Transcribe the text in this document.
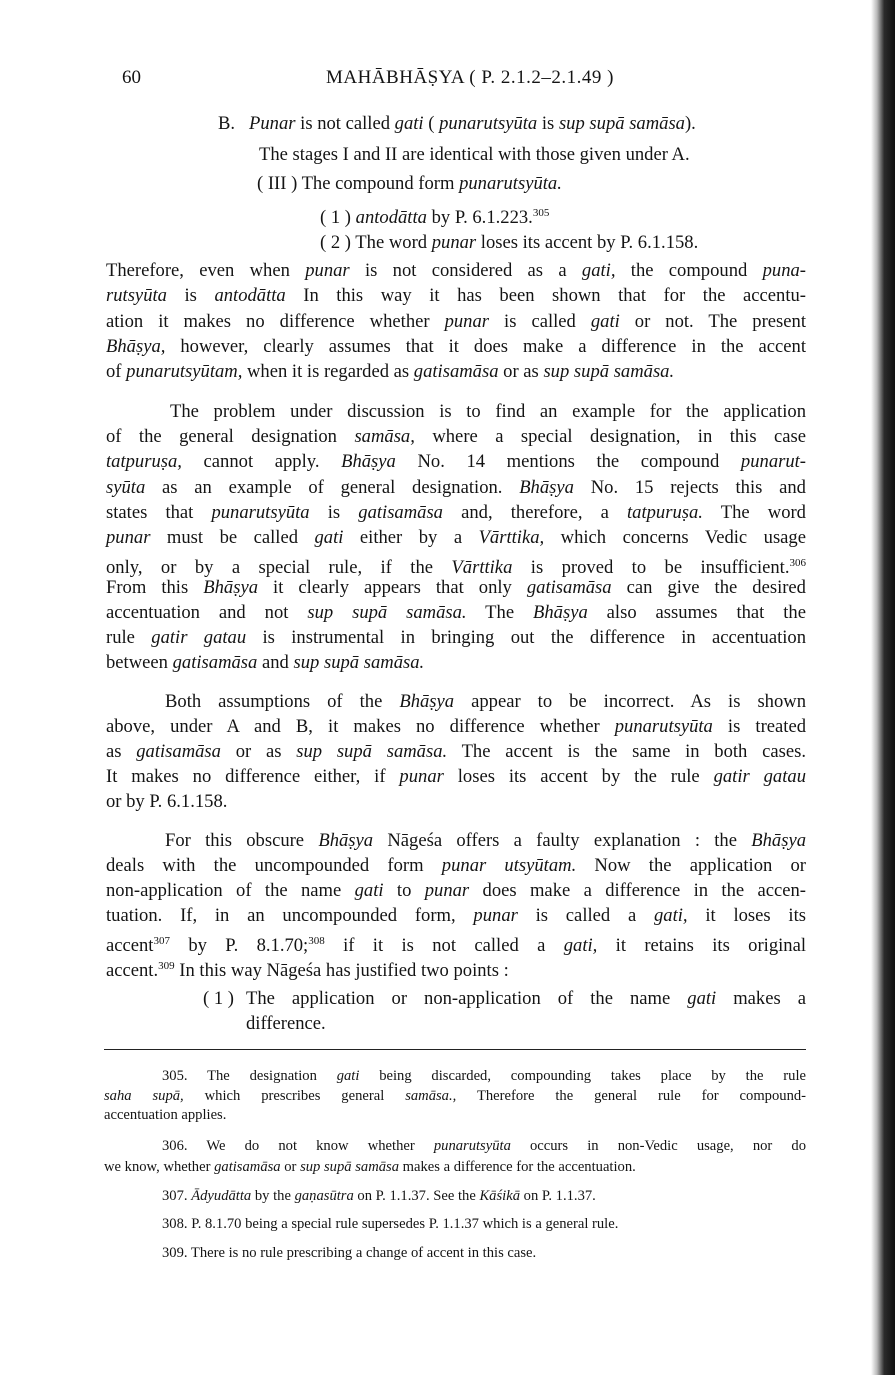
60	MAHĀBHĀṢYA ( P. 2.1.2–2.1.49 )
B. Punar is not called gati ( punarutsyūta is sup supā samāsa).
The stages I and II are identical with those given under A.
( III ) The compound form punarutsyūta.
( 1 ) antodātta by P. 6.1.223.$^{305}$
( 2 ) The word punar loses its accent by P. 6.1.158.
Therefore, even when punar is not considered as a gati, the compound puna-
rutsyūta is antodātta In this way it has been shown that for the accentu-
ation it makes no difference whether punar is called gati or not. The present
Bhāṣya, however, clearly assumes that it does make a difference in the accent
of punarutsyūtam, when it is regarded as gatisamāsa or as sup supā samāsa.
The problem under discussion is to find an example for the application
of the general designation samāsa, where a special designation, in this case
tatpuruṣa, cannot apply. Bhāṣya No. 14 mentions the compound punarut-
syūta as an example of general designation. Bhāṣya No. 15 rejects this and
states that punarutsyūta is gatisamāsa and, therefore, a tatpuruṣa. The word
punar must be called gati either by a Vārttika, which concerns Vedic usage
only, or by a special rule, if the Vārttika is proved to be insufficient.$^{306}$
From this Bhāṣya it clearly appears that only gatisamāsa can give the desired
accentuation and not sup supā samāsa. The Bhāṣya also assumes that the
rule gatir gatau is instrumental in bringing out the difference in accentuation
between gatisamāsa and sup supā samāsa.
Both assumptions of the Bhāṣya appear to be incorrect. As is shown
above, under A and B, it makes no difference whether punarutsyūta is treated
as gatisamāsa or as sup supā samāsa. The accent is the same in both cases.
It makes no difference either, if punar loses its accent by the rule gatir gatau
or by P. 6.1.158.
For this obscure Bhāṣya Nāgeśa offers a faulty explanation : the Bhāṣya
deals with the uncompounded form punar utsyūtam. Now the application or
non-application of the name gati to punar does make a difference in the accen-
tuation. If, in an uncompounded form, punar is called a gati, it loses its
accent$^{307}$ by P. 8.1.70;$^{308}$ if it is not called a gati, it retains its original
accent.$^{309}$ In this way Nāgeśa has justified two points :
( 1 ) The application or non-application of the name gati makes a
difference.
305. The designation gati being discarded, compounding takes place by the rule
saha supā, which prescribes general samāsa., Therefore the general rule for compound-
accentuation applies.
306. We do not know whether punarutsyūta occurs in non-Vedic usage, nor do
we know, whether gatisamāsa or sup supā samāsa makes a difference for the accentuation.
307. Ādyudātta by the gaṇasūtra on P. 1.1.37. See the Kāśikā on P. 1.1.37.
308. P. 8.1.70 being a special rule supersedes P. 1.1.37 which is a general rule.
309. There is no rule prescribing a change of accent in this case.
